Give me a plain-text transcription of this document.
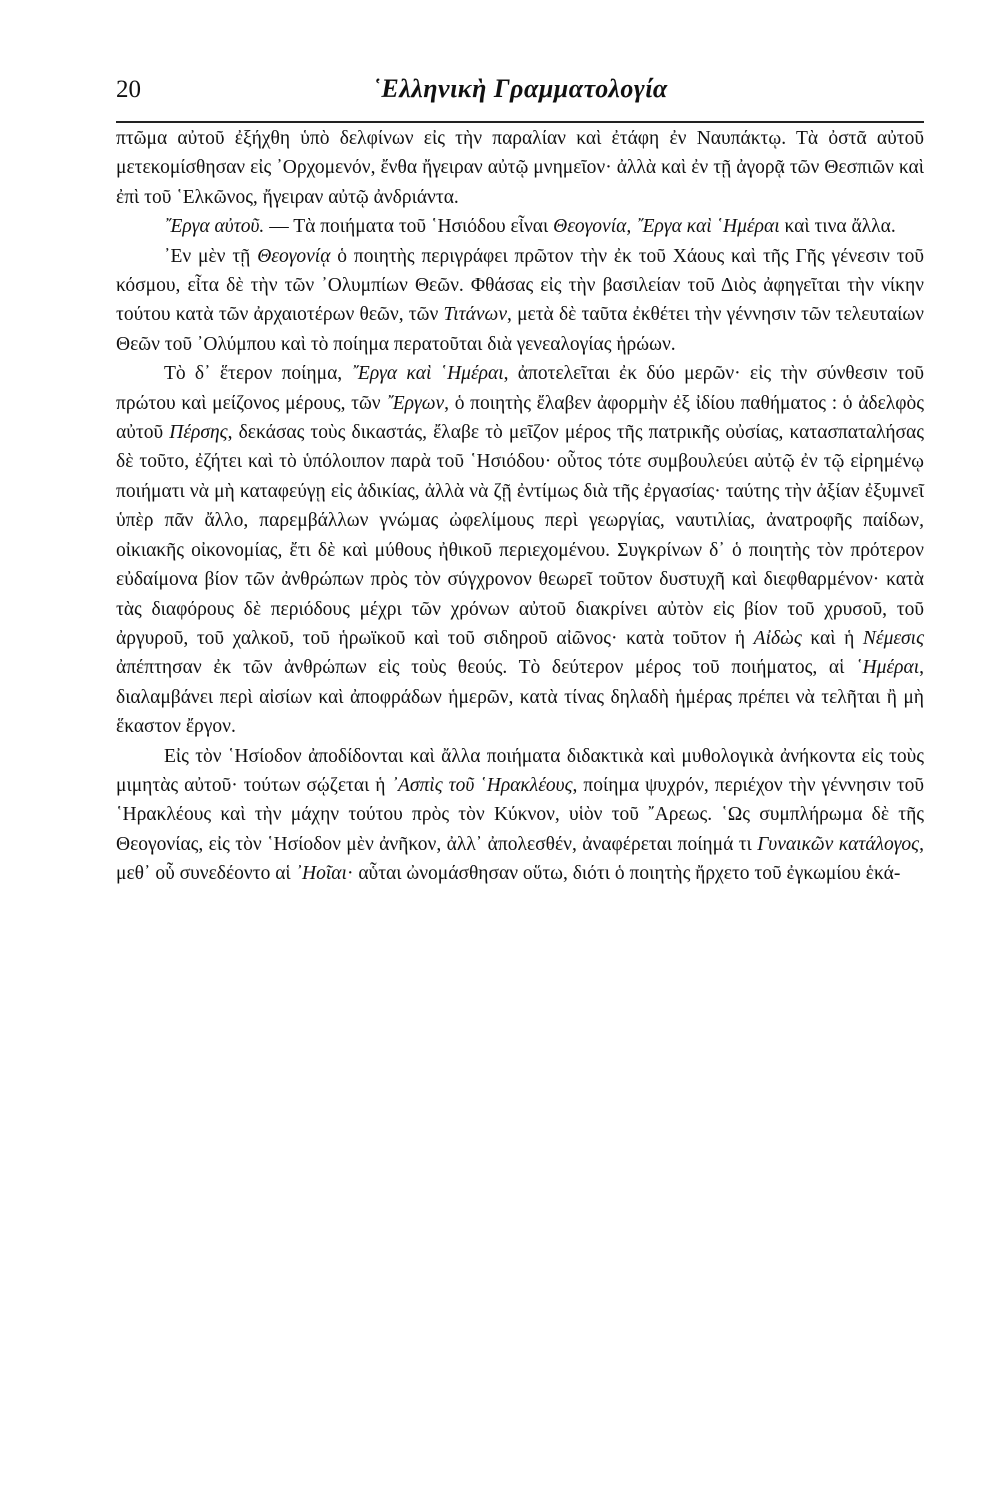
20	῾Ελληνικὴ Γραμματολογία

πτῶμα αὐτοῦ ἐξήχθη ὑπὸ δελφίνων εἰς τὴν παραλίαν καὶ ἐτάφη ἐν Ναυπάκτῳ. Τὰ ὀστᾶ αὐτοῦ μετεκομίσθησαν εἰς ᾿Ορχομενόν, ἔνθα ἤγειραν αὐτῷ μνημεῖον· ἀλλὰ καὶ ἐν τῇ ἀγορᾷ τῶν Θεσπιῶν καὶ ἐπὶ τοῦ ῾Ελκῶνος, ἤγειραν αὐτῷ ἀνδριάντα.

῎Εργα αὐτοῦ. — Τὰ ποιήματα τοῦ ῾Ησιόδου εἶναι Θεογονία, ῎Εργα καὶ ῾Ημέραι καὶ τινα ἄλλα.

᾿Εν μὲν τῇ Θεογονίᾳ ὁ ποιητὴς περιγράφει πρῶτον τὴν ἐκ τοῦ Χάους καὶ τῆς Γῆς γένεσιν τοῦ κόσμου, εἶτα δὲ τὴν τῶν ᾿Ολυμπίων Θεῶν. Φθάσας εἰς τὴν βασιλείαν τοῦ Διὸς ἀφηγεῖται τὴν νίκην τούτου κατὰ τῶν ἀρχαιοτέρων θεῶν, τῶν Τιτάνων, μετὰ δὲ ταῦτα ἐκθέτει τὴν γέννησιν τῶν τελευταίων Θεῶν τοῦ ᾿Ολύμπου καὶ τὸ ποίημα περατοῦται διὰ γενεαλογίας ἡρώων.

Τὸ δ᾿ ἕτερον ποίημα, ῎Εργα καὶ ῾Ημέραι, ἀποτελεῖται ἐκ δύο μερῶν· εἰς τὴν σύνθεσιν τοῦ πρώτου καὶ μείζονος μέρους, τῶν ῎Εργων, ὁ ποιητὴς ἔλαβεν ἀφορμὴν ἐξ ἰδίου παθήματος : ὁ ἀδελφὸς αὐτοῦ Πέρσης, δεκάσας τοὺς δικαστάς, ἔλαβε τὸ μεῖζον μέρος τῆς πατρικῆς οὐσίας, κατασπαταλήσας δὲ τοῦτο, ἐζήτει καὶ τὸ ὑπόλοιπον παρὰ τοῦ ῾Ησιόδου· οὗτος τότε συμβουλεύει αὐτῷ ἐν τῷ εἰρημένῳ ποιήματι νὰ μὴ καταφεύγῃ εἰς ἀδικίας, ἀλλὰ νὰ ζῇ ἐντίμως διὰ τῆς ἐργασίας· ταύτης τὴν ἀξίαν ἐξυμνεῖ ὑπὲρ πᾶν ἄλλο, παρεμβάλλων γνώμας ὠφελίμους περὶ γεωργίας, ναυτιλίας, ἀνατροφῆς παίδων, οἰκιακῆς οἰκονομίας, ἔτι δὲ καὶ μύθους ἠθικοῦ περιεχομένου. Συγκρίνων δ᾿ ὁ ποιητὴς τὸν πρότερον εὐδαίμονα βίον τῶν ἀνθρώπων πρὸς τὸν σύγχρονον θεωρεῖ τοῦτον δυστυχῆ καὶ διεφθαρμένον· κατὰ τὰς διαφόρους δὲ περιόδους μέχρι τῶν χρόνων αὐτοῦ διακρίνει αὐτὸν εἰς βίον τοῦ χρυσοῦ, τοῦ ἀργυροῦ, τοῦ χαλκοῦ, τοῦ ἡρωϊκοῦ καὶ τοῦ σιδηροῦ αἰῶνος· κατὰ τοῦτον ἡ Αἰδὼς καὶ ἡ Νέμεσις ἀπέπτησαν ἐκ τῶν ἀνθρώπων εἰς τοὺς θεούς. Τὸ δεύτερον μέρος τοῦ ποιήματος, αἱ ῾Ημέραι, διαλαμβάνει περὶ αἰσίων καὶ ἀποφράδων ἡμερῶν, κατὰ τίνας δηλαδὴ ἡμέρας πρέπει νὰ τελῆται ἢ μὴ ἕκαστον ἔργον.

Εἰς τὸν ῾Ησίοδον ἀποδίδονται καὶ ἄλλα ποιήματα διδακτικὰ καὶ μυθολογικὰ ἀνήκοντα εἰς τοὺς μιμητὰς αὐτοῦ· τούτων σῴζεται ἡ ᾿Ασπὶς τοῦ ῾Ηρακλέους, ποίημα ψυχρόν, περιέχον τὴν γέννησιν τοῦ ῾Ηρακλέους καὶ τὴν μάχην τούτου πρὸς τὸν Κύκνον, υἱὸν τοῦ ῎Αρεως. ῾Ως συμπλήρωμα δὲ τῆς Θεογονίας, εἰς τὸν ῾Ησίοδον μὲν ἀνῆκον, ἀλλ᾿ ἀπολεσθέν, ἀναφέρεται ποίημά τι Γυναικῶν κατάλογος, μεθ᾿ οὗ συνεδέοντο αἱ ᾿Ηοῖαι· αὗται ὠνομάσθησαν οὕτω, διότι ὁ ποιητὴς ἤρχετο τοῦ ἐγκωμίου ἑκά-
